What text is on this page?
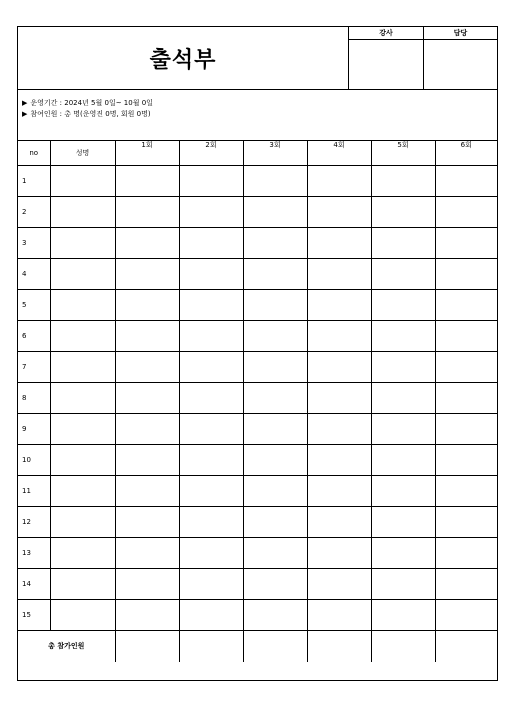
출석부
강사	담당
▶ 운영기간 : 2024년 5월 0일~ 10월 0일
▶ 참여인원 : 총 명(운영진 0명, 회원 0명)
no	성명	1회	2회	3회	4회	5회	6회
1							
2							
3							
4							
5							
6							
7							
8							
9							
10							
11							
12							
13							
14							
15							
총 참가인원							
